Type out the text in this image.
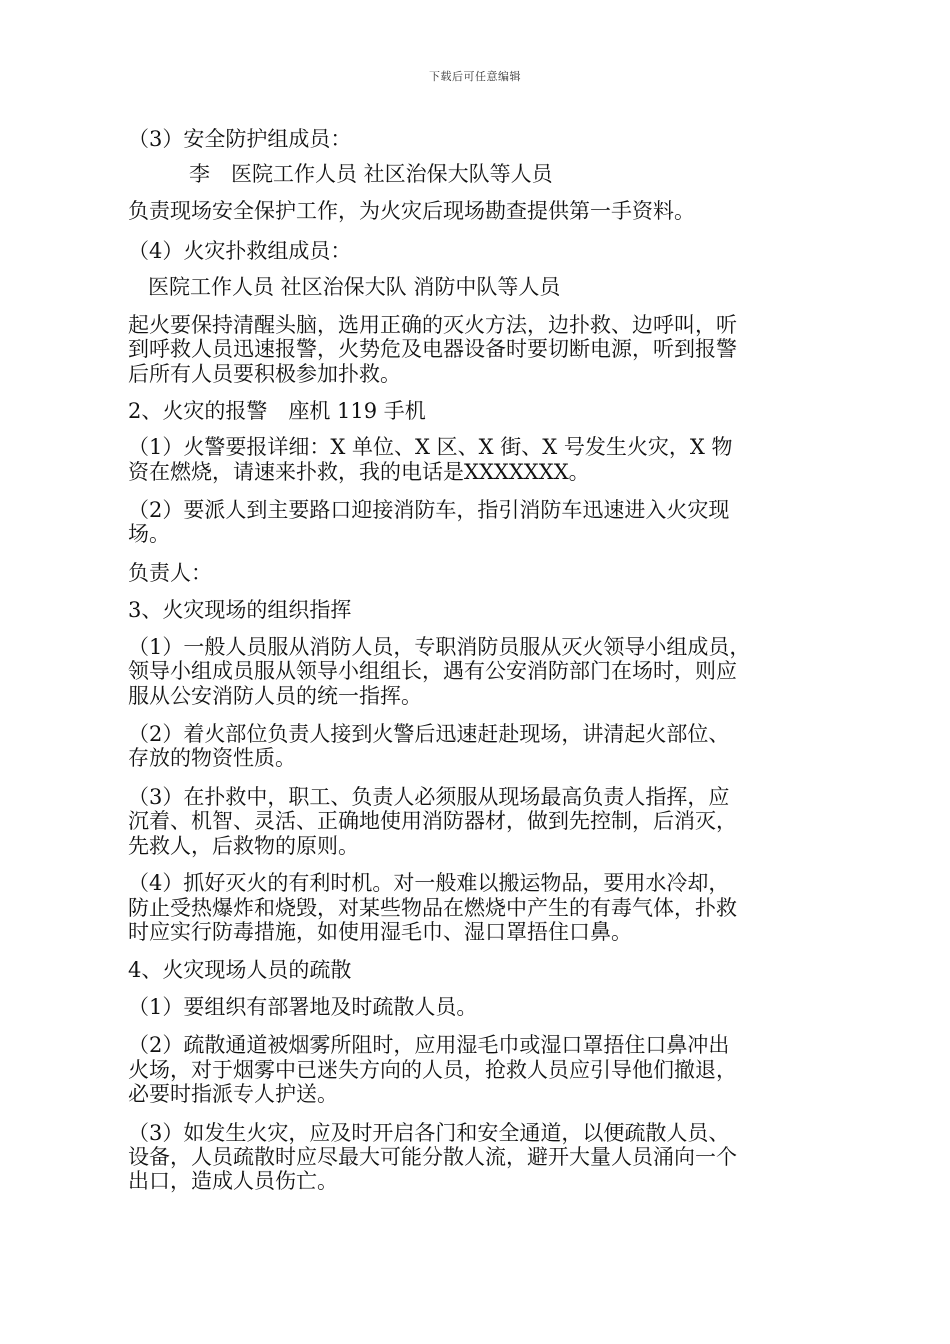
下载后可任意编辑
（3）安全防护组成员：
李　医院工作人员 社区治保大队等人员
负责现场安全保护工作，为火灾后现场勘查提供第一手资料。
（4）火灾扑救组成员：
医院工作人员 社区治保大队 消防中队等人员
起火要保持清醒头脑，选用正确的灭火方法，边扑救、边呼叫，听
到呼救人员迅速报警，火势危及电器设备时要切断电源，听到报警
后所有人员要积极参加扑救。
2、火灾的报警　座机 119 手机
（1）火警要报详细：X 单位、X 区、X 街、X 号发生火灾，X 物
资在燃烧，请速来扑救，我的电话是XXXXXXX。
（2）要派人到主要路口迎接消防车，指引消防车迅速进入火灾现
场。
负责人：
3、火灾现场的组织指挥
（1）一般人员服从消防人员，专职消防员服从灭火领导小组成员，
领导小组成员服从领导小组组长，遇有公安消防部门在场时，则应
服从公安消防人员的统一指挥。
（2）着火部位负责人接到火警后迅速赶赴现场，讲清起火部位、
存放的物资性质。
（3）在扑救中，职工、负责人必须服从现场最高负责人指挥，应
沉着、机智、灵活、正确地使用消防器材，做到先控制，后消灭，
先救人，后救物的原则。
（4）抓好灭火的有利时机。对一般难以搬运物品，要用水冷却，
防止受热爆炸和烧毁，对某些物品在燃烧中产生的有毒气体，扑救
时应实行防毒措施，如使用湿毛巾、湿口罩捂住口鼻。
4、火灾现场人员的疏散
（1）要组织有部署地及时疏散人员。
（2）疏散通道被烟雾所阻时，应用湿毛巾或湿口罩捂住口鼻冲出
火场，对于烟雾中已迷失方向的人员，抢救人员应引导他们撤退，
必要时指派专人护送。
（3）如发生火灾，应及时开启各门和安全通道，以便疏散人员、
设备，人员疏散时应尽最大可能分散人流，避开大量人员涌向一个
出口，造成人员伤亡。
